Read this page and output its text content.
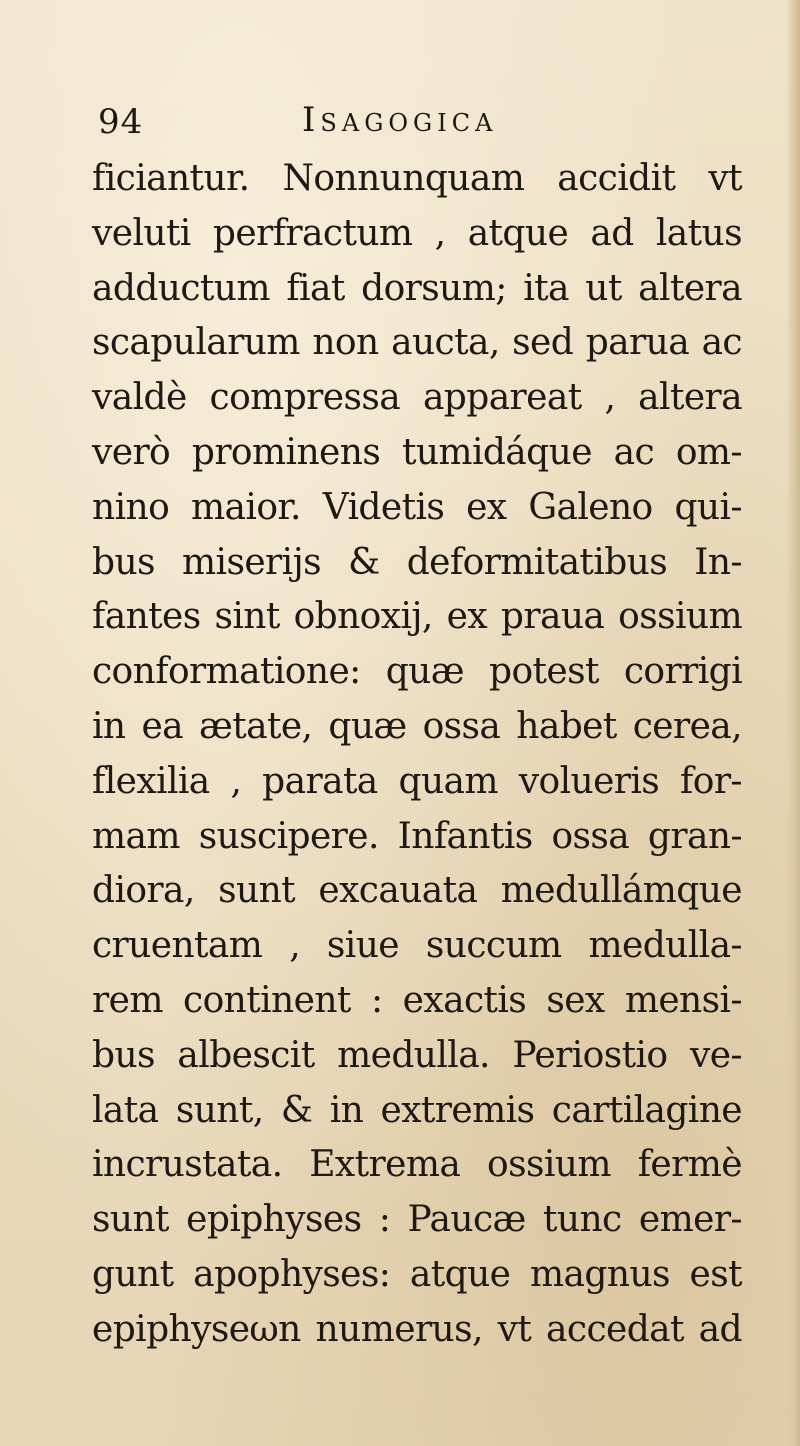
94	Isagogica
ficiantur. Nonnunquam accidit vt
veluti perfractum , atque ad latus
adductum fiat dorsum; ita ut altera
scapularum non aucta, sed parua ac
valdè compressa appareat , altera
verò prominens tumidáque ac om-
nino maior. Videtis ex Galeno qui-
bus miserijs & deformitatibus In-
fantes sint obnoxij, ex praua ossium
conformatione: quæ potest corrigi
in ea ætate, quæ ossa habet cerea,
flexilia , parata quam volueris for-
mam suscipere. Infantis ossa gran-
diora, sunt excauata medullámque
cruentam , siue succum medulla-
rem continent : exactis sex mensi-
bus albescit medulla. Periostio ve-
lata sunt, & in extremis cartilagine
incrustata. Extrema ossium fermè
sunt epiphyses : Paucæ tunc emer-
gunt apophyses: atque magnus est
epiphyseωn numerus, vt accedat ad
